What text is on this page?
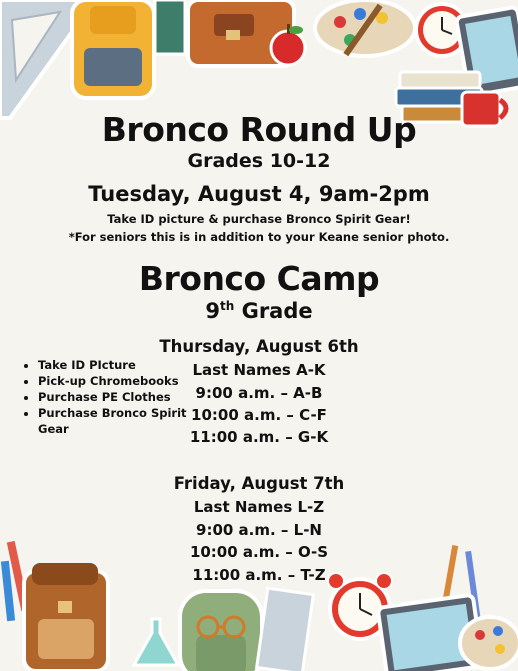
Bronco Round Up
Grades 10-12
Tuesday, August 4, 9am-2pm
Take ID picture & purchase Bronco Spirit Gear!
*For seniors this is in addition to your Keane senior photo.
Bronco Camp
9th Grade
Thursday, August 6th
• Take ID PIcture
• Pick-up Chromebooks
• Purchase PE Clothes
• Purchase Bronco Spirit Gear
Last Names A-K
9:00 a.m. – A-B
10:00 a.m. – C-F
11:00 a.m. – G-K
Friday, August 7th
Last Names L-Z
9:00 a.m. – L-N
10:00 a.m. – O-S
11:00 a.m. – T-Z
